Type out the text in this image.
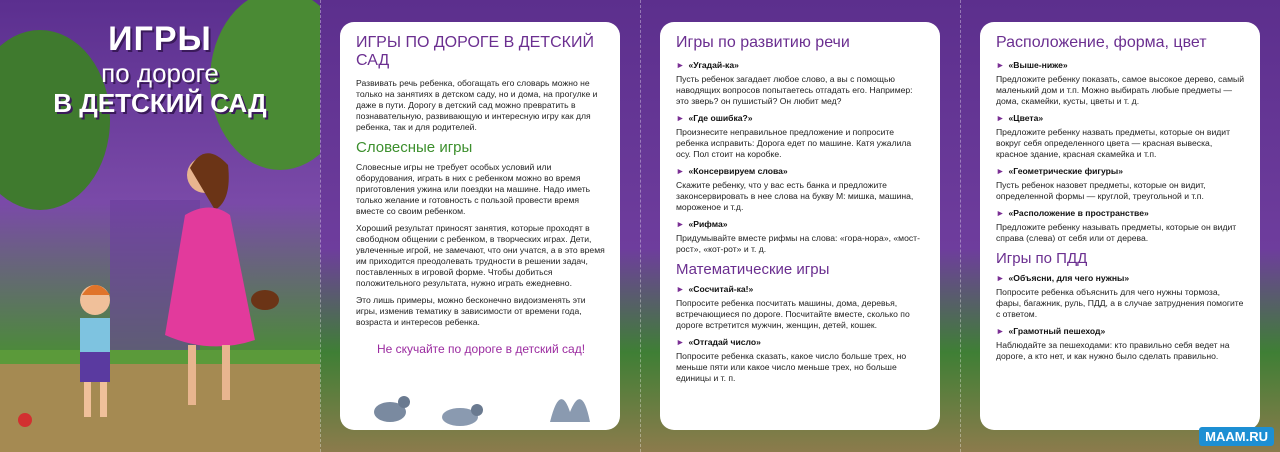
ИГРЫ
по дороге
В ДЕТСКИЙ САД
ИГРЫ ПО ДОРОГЕ В ДЕТСКИЙ САД

Развивать речь ребенка, обогащать его словарь можно не только на занятиях в детском саду, но и дома, на прогулке и даже в пути. Дорогу в детский сад можно превратить в познавательную, развивающую и интересную игру как для ребенка, так и для родителей.

Словесные игры

Словесные игры не требует особых условий или оборудования, играть в них с ребенком можно во время приготовления ужина или поездки на машине. Надо иметь только желание и готовность с пользой провести время вместе со своим ребенком.

Хороший результат приносят занятия, которые проходят в свободном общении с ребенком, в творческих играх. Дети, увлеченные игрой, не замечают, что они учатся, а в это время им приходится преодолевать трудности в решении задач, поставленных в игровой форме. Чтобы добиться положительного результата, нужно играть ежедневно.

Это лишь примеры, можно бесконечно видоизменять эти игры, изменив тематику в зависимости от времени года, возраста и интересов ребенка.

Не скучайте по дороге в детский сад!
Игры по развитию речи
► «Угадай-ка»

Пусть ребенок загадает любое слово, а вы с помощью наводящих вопросов попытаетесь отгадать его. Например: это зверь? он пушистый? Он любит мед?

► «Где ошибка?»

Произнесите неправильное предложение и попросите ребенка исправить: Дорога едет по машине. Катя ужалила осу. Пол стоит на коробке.

► «Консервируем слова»

Скажите ребенку, что у вас есть банка и предложите законсервировать в нее слова на букву М: мишка, машина, мороженое и т.д.

► «Рифма»

Придумывайте вместе рифмы на слова: «гора-нора», «мост-рост», «кот-рот» и т. д.

Математические игры
► «Сосчитай-ка!»

Попросите ребенка посчитать машины, дома, деревья, встречающиеся по дороге. Посчитайте вместе, сколько по дороге встретится мужчин, женщин, детей, кошек.

► «Отгадай число»

Попросите ребенка сказать, какое число больше трех, но меньше пяти или какое число меньше трех, но больше единицы и т. п.

Расположение, форма, цвет
► «Выше-ниже»

Предложите ребенку показать, самое высокое дерево, самый маленький дом и т.п. Можно выбирать любые предметы — дома, скамейки, кусты, цветы и т. д.

► «Цвета»

Предложите ребенку назвать предметы, которые он видит вокруг себя определенного цвета — красная вывеска, красное здание, красная скамейка и т.п.

► «Геометрические фигуры»

Пусть ребенок назовет предметы, которые он видит, определенной формы — круглой, треугольной и т.п.

► «Расположение в пространстве»

Предложите ребенку называть предметы, которые он видит справа (слева) от себя или от дерева.

Игры по ПДД
► «Объясни, для чего нужны»

Попросите ребенка объяснить для чего нужны тормоза, фары, багажник, руль, ПДД, а в случае затруднения помогите с ответом.

► «Грамотный пешеход»

Наблюдайте за пешеходами: кто правильно себя ведет на дороге, а кто нет, и как нужно было сделать правильно.

MAAM.RU
